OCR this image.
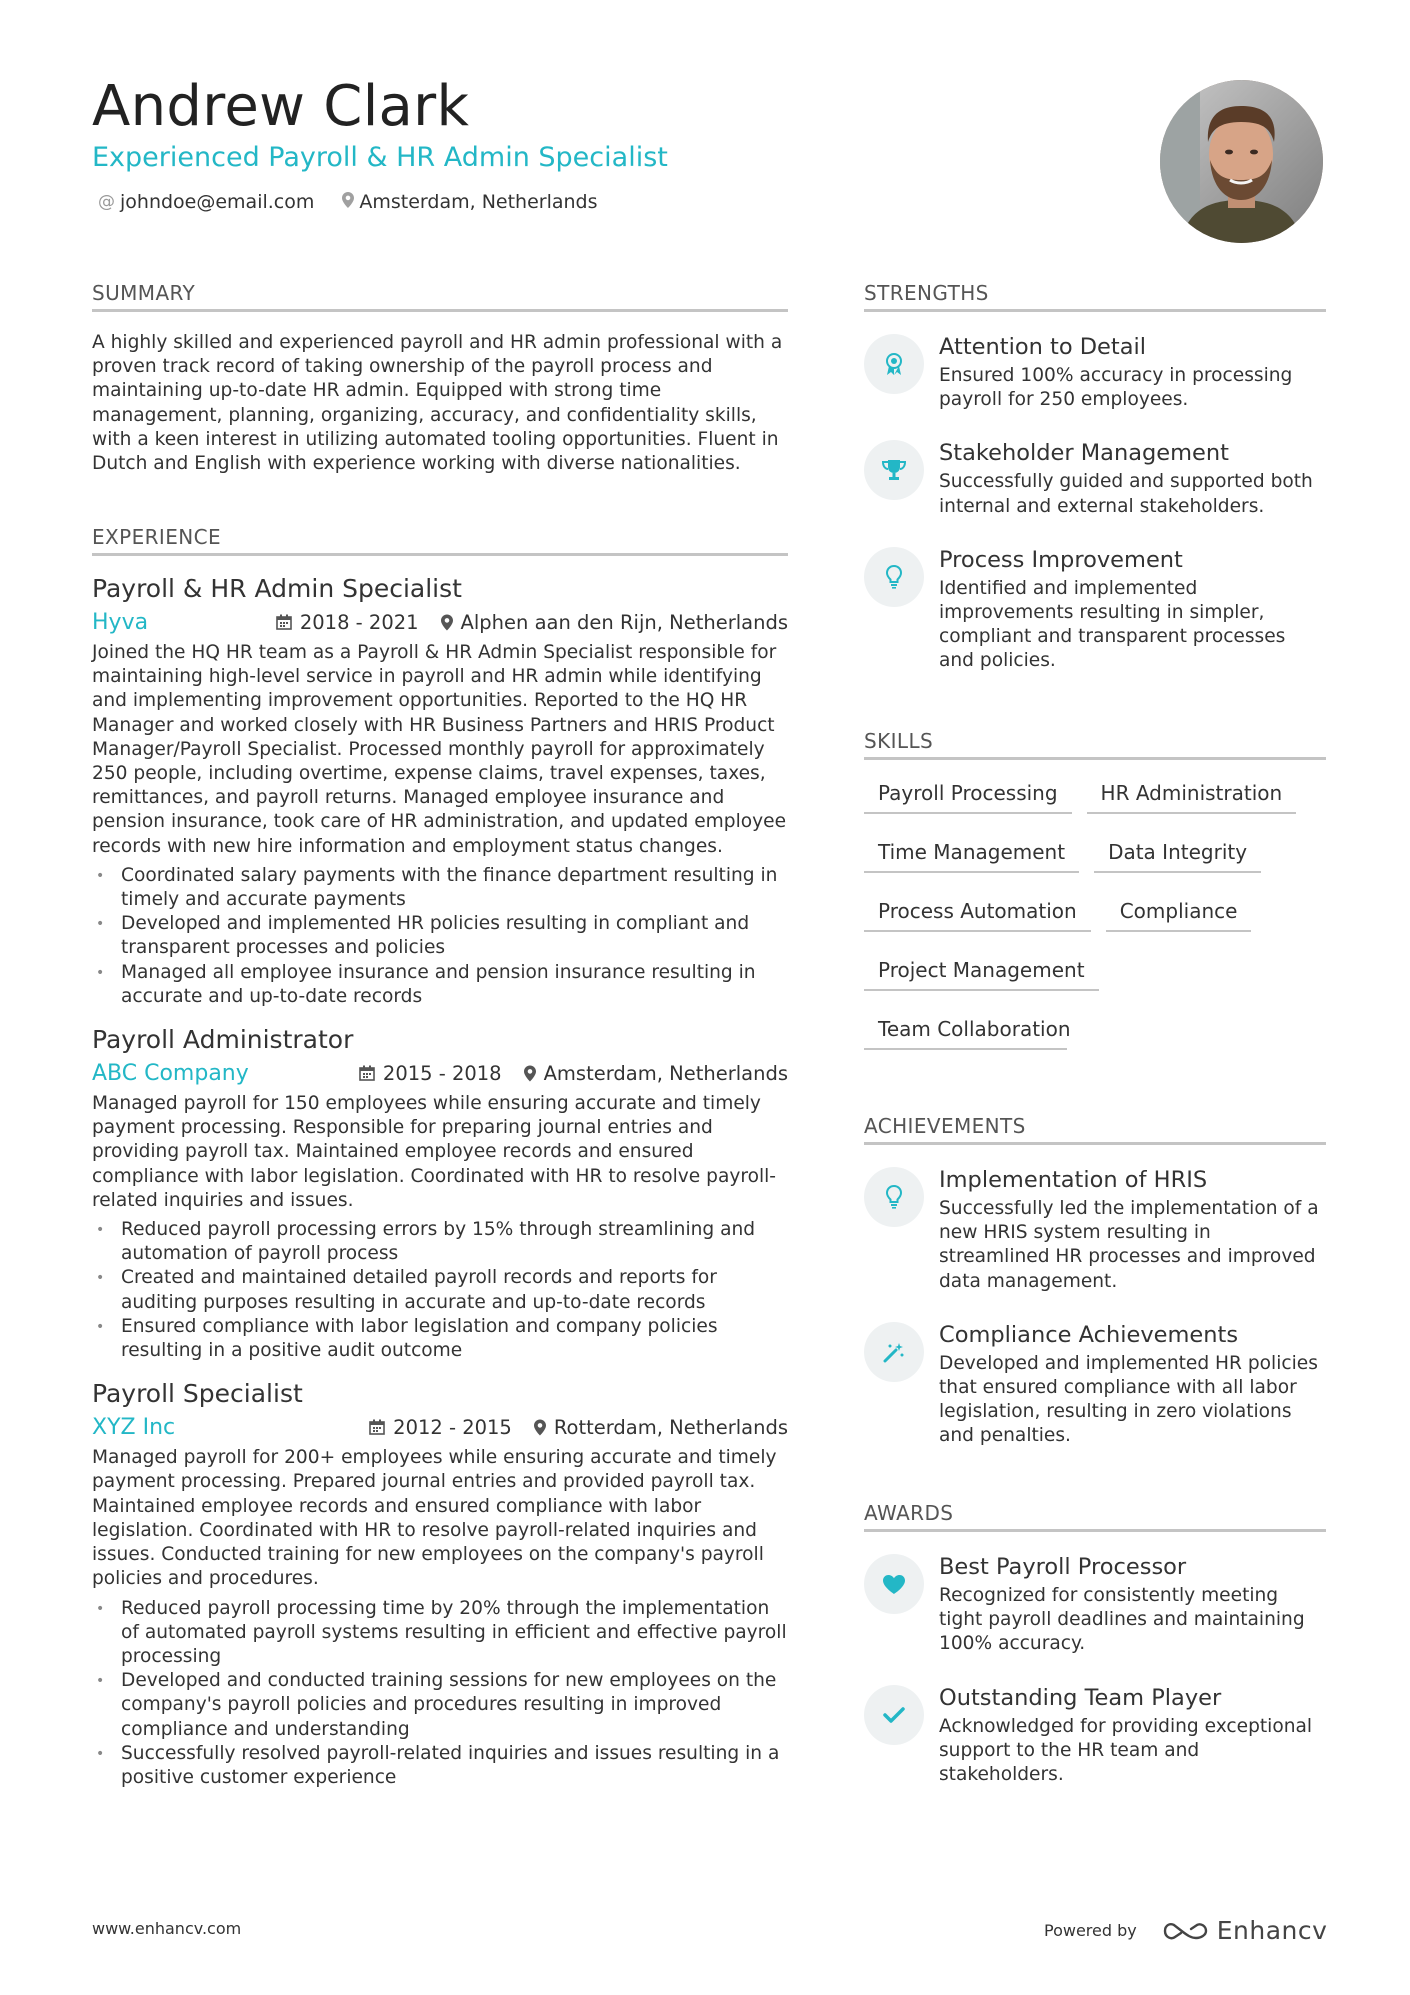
Andrew Clark
Experienced Payroll & HR Admin Specialist
@ johndoe@email.com Amsterdam, Netherlands
SUMMARY

A highly skilled and experienced payroll and HR admin professional with a proven track record of taking ownership of the payroll process and maintaining up-to-date HR admin. Equipped with strong time management, planning, organizing, accuracy, and confidentiality skills, with a keen interest in utilizing automated tooling opportunities. Fluent in Dutch and English with experience working with diverse nationalities.

EXPERIENCE

Payroll & HR Admin Specialist

Hyva	2018 - 2021 Alphen aan den Rijn, Netherlands

Joined the HQ HR team as a Payroll & HR Admin Specialist responsible for maintaining high-level service in payroll and HR admin while identifying and implementing improvement opportunities. Reported to the HQ HR Manager and worked closely with HR Business Partners and HRIS Product Manager/Payroll Specialist. Processed monthly payroll for approximately 250 people, including overtime, expense claims, travel expenses, taxes, remittances, and payroll returns. Managed employee insurance and pension insurance, took care of HR administration, and updated employee records with new hire information and employment status changes.

• Coordinated salary payments with the finance department resulting in timely and accurate payments
• Developed and implemented HR policies resulting in compliant and transparent processes and policies
• Managed all employee insurance and pension insurance resulting in accurate and up-to-date records

Payroll Administrator

ABC Company	2015 - 2018 Amsterdam, Netherlands

Managed payroll for 150 employees while ensuring accurate and timely payment processing. Responsible for preparing journal entries and providing payroll tax. Maintained employee records and ensured compliance with labor legislation. Coordinated with HR to resolve payroll-related inquiries and issues.

• Reduced payroll processing errors by 15% through streamlining and automation of payroll process
• Created and maintained detailed payroll records and reports for auditing purposes resulting in accurate and up-to-date records
• Ensured compliance with labor legislation and company policies resulting in a positive audit outcome

Payroll Specialist

XYZ Inc	2012 - 2015 Rotterdam, Netherlands

Managed payroll for 200+ employees while ensuring accurate and timely payment processing. Prepared journal entries and provided payroll tax. Maintained employee records and ensured compliance with labor legislation. Coordinated with HR to resolve payroll-related inquiries and issues. Conducted training for new employees on the company's payroll policies and procedures.

• Reduced payroll processing time by 20% through the implementation of automated payroll systems resulting in efficient and effective payroll processing
• Developed and conducted training sessions for new employees on the company's payroll policies and procedures resulting in improved compliance and understanding
• Successfully resolved payroll-related inquiries and issues resulting in a positive customer experience
STRENGTHS

Attention to Detail

Ensured 100% accuracy in processing payroll for 250 employees.

Stakeholder Management

Successfully guided and supported both internal and external stakeholders.

Process Improvement

Identified and implemented improvements resulting in simpler, compliant and transparent processes and policies.

SKILLS
Payroll Processing	HR Administration
Time Management	Data Integrity
Process Automation	Compliance
Project Management
Team Collaboration
ACHIEVEMENTS

Implementation of HRIS

Successfully led the implementation of a new HRIS system resulting in streamlined HR processes and improved data management.

Compliance Achievements

Developed and implemented HR policies that ensured compliance with all labor legislation, resulting in zero violations and penalties.

AWARDS

Best Payroll Processor

Recognized for consistently meeting tight payroll deadlines and maintaining 100% accuracy.

Outstanding Team Player

Acknowledged for providing exceptional support to the HR team and stakeholders.

www.enhancv.com	Powered by	Enhancv
